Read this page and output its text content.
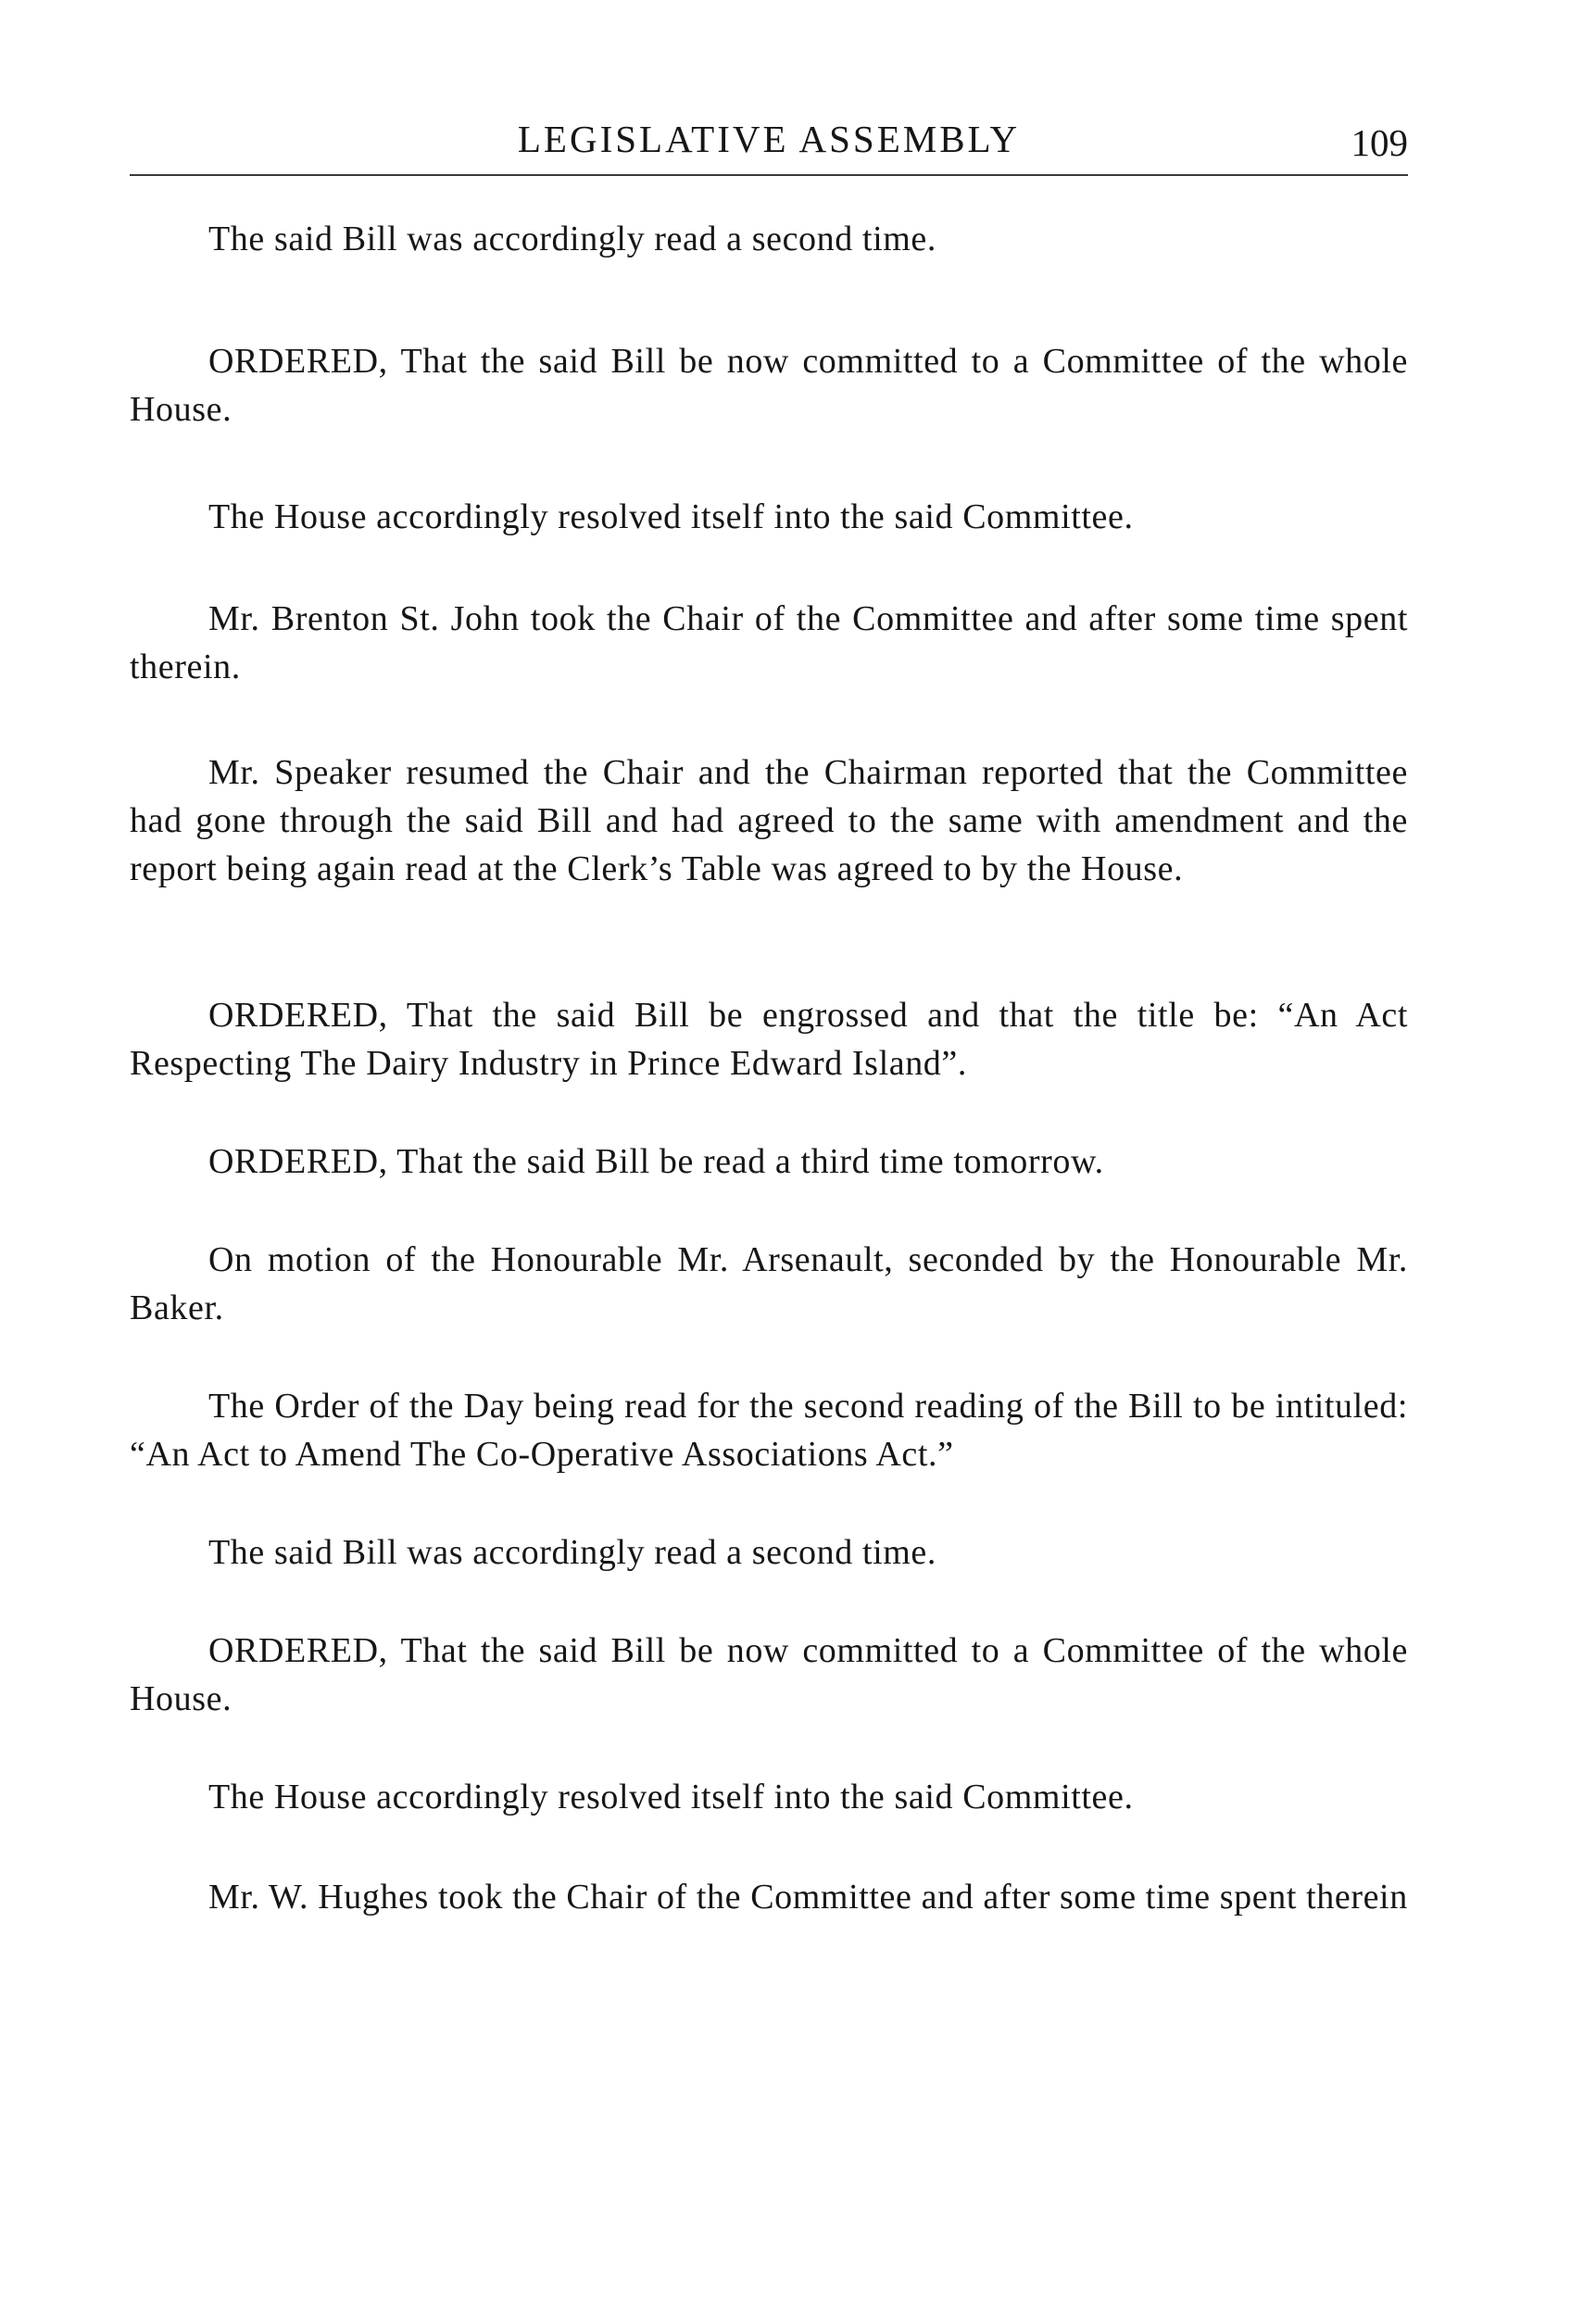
LEGISLATIVE ASSEMBLY	109

The said Bill was accordingly read a second time.

ORDERED, That the said Bill be now committed to a Committee of the whole House.

The House accordingly resolved itself into the said Committee.

Mr. Brenton St. John took the Chair of the Committee and after some time spent therein.

Mr. Speaker resumed the Chair and the Chairman reported that the Committee had gone through the said Bill and had agreed to the same with amendment and the report being again read at the Clerk’s Table was agreed to by the House.

ORDERED, That the said Bill be engrossed and that the title be: “An Act Respecting The Dairy Industry in Prince Edward Island”.

ORDERED, That the said Bill be read a third time tomorrow.

On motion of the Honourable Mr. Arsenault, seconded by the Honourable Mr. Baker.

The Order of the Day being read for the second reading of the Bill to be intituled: “An Act to Amend The Co-Operative Associations Act.”

The said Bill was accordingly read a second time.

ORDERED, That the said Bill be now committed to a Committee of the whole House.

The House accordingly resolved itself into the said Committee.

Mr. W. Hughes took the Chair of the Committee and after some time spent therein
